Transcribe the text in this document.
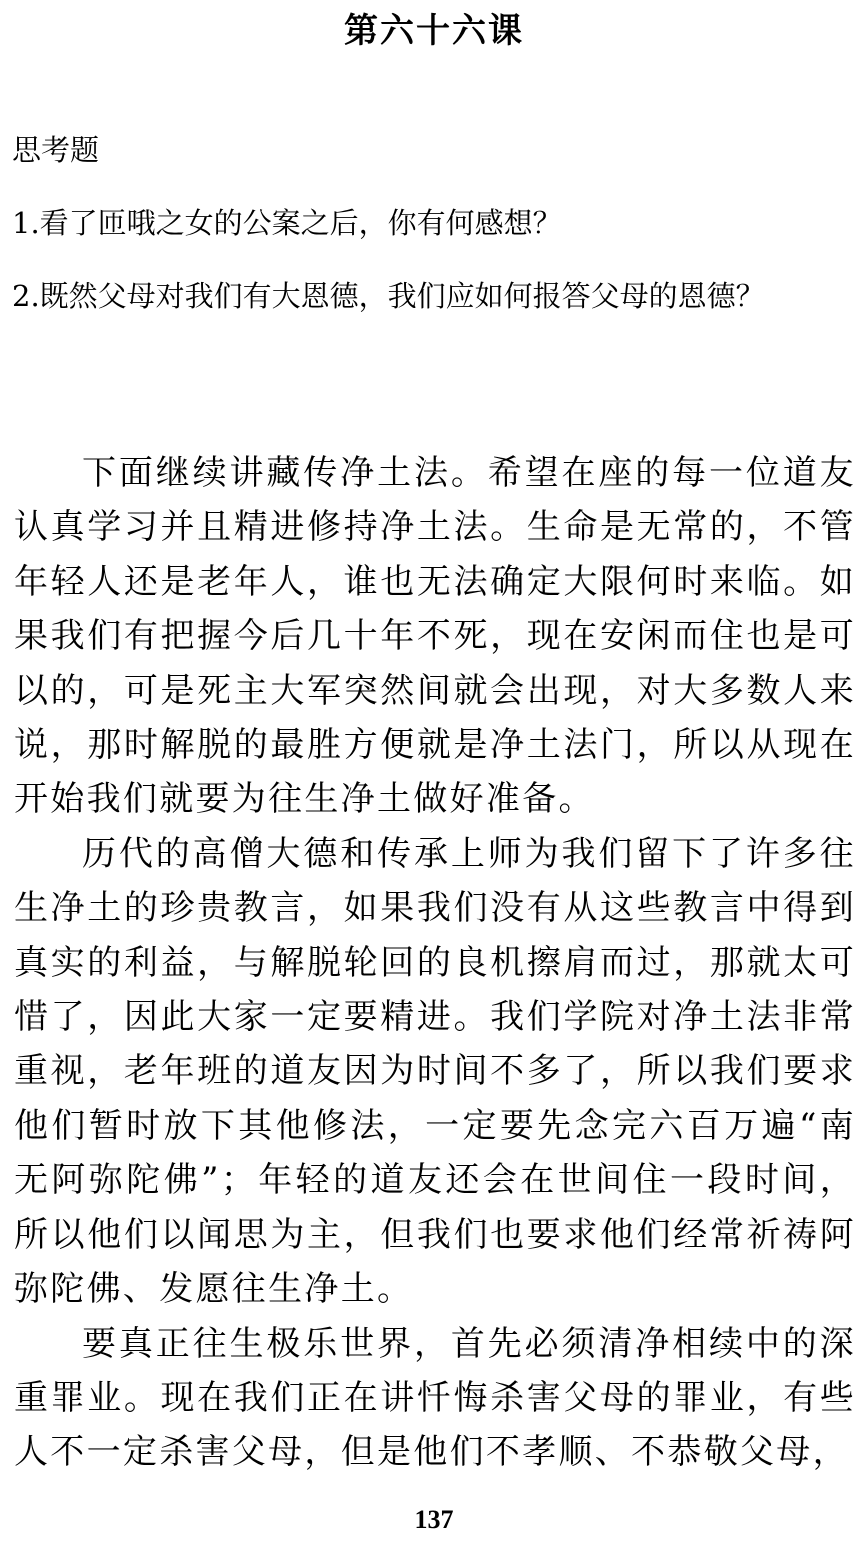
第六十六课

思考题

1.看了匝哦之女的公案之后，你有何感想？

2.既然父母对我们有大恩德，我们应如何报答父母的恩德？

下面继续讲藏传净土法。希望在座的每一位道友认真学习并且精进修持净土法。生命是无常的，不管年轻人还是老年人，谁也无法确定大限何时来临。如果我们有把握今后几十年不死，现在安闲而住也是可以的，可是死主大军突然间就会出现，对大多数人来说，那时解脱的最胜方便就是净土法门，所以从现在开始我们就要为往生净土做好准备。

历代的高僧大德和传承上师为我们留下了许多往生净土的珍贵教言，如果我们没有从这些教言中得到真实的利益，与解脱轮回的良机擦肩而过，那就太可惜了，因此大家一定要精进。我们学院对净土法非常重视，老年班的道友因为时间不多了，所以我们要求他们暂时放下其他修法，一定要先念完六百万遍“南无阿弥陀佛”；年轻的道友还会在世间住一段时间，所以他们以闻思为主，但我们也要求他们经常祈祷阿弥陀佛、发愿往生净土。

要真正往生极乐世界，首先必须清净相续中的深重罪业。现在我们正在讲忏悔杀害父母的罪业，有些人不一定杀害父母，但是他们不孝顺、不恭敬父母，

137
